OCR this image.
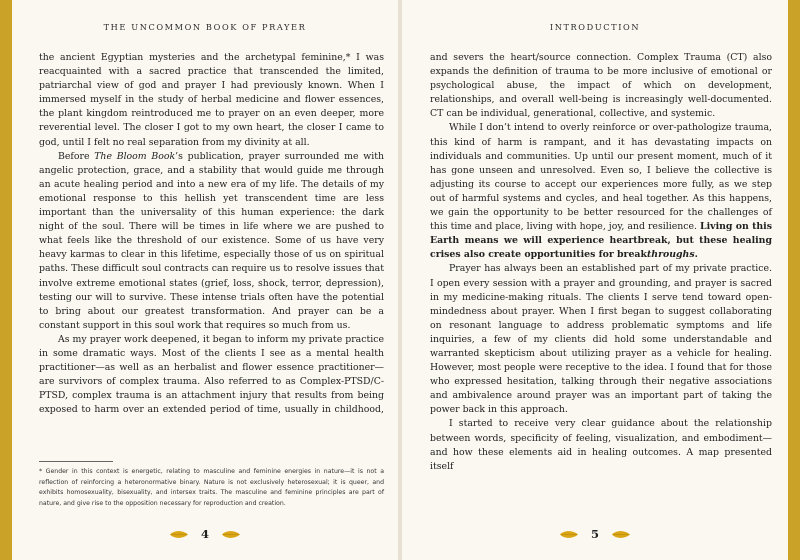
THE UNCOMMON BOOK OF PRAYER

the ancient Egyptian mysteries and the archetypal feminine,* I was reacquainted with a sacred practice that transcended the limited, patriarchal view of god and prayer I had previously known. When I immersed myself in the study of herbal medicine and flower essences, the plant kingdom reintroduced me to prayer on an even deeper, more reverential level. The closer I got to my own heart, the closer I came to god, until I felt no real separation from my divinity at all.

Before The Bloom Book’s publication, prayer surrounded me with angelic protection, grace, and a stability that would guide me through an acute healing period and into a new era of my life. The details of my emotional response to this hellish yet transcendent time are less important than the universality of this human experience: the dark night of the soul. There will be times in life where we are pushed to what feels like the threshold of our existence. Some of us have very heavy karmas to clear in this lifetime, especially those of us on spiritual paths. These difficult soul contracts can require us to resolve issues that involve extreme emotional states (grief, loss, shock, terror, depression), testing our will to survive. These intense trials often have the potential to bring about our greatest transformation. And prayer can be a constant support in this soul work that requires so much from us.

As my prayer work deepened, it began to inform my private practice in some dramatic ways. Most of the clients I see as a mental health practitioner—as well as an herbalist and flower essence practitioner—are survivors of complex trauma. Also referred to as Complex-PTSD/C-PTSD, complex trauma is an attachment injury that results from being exposed to harm over an extended period of time, usually in childhood,

* Gender in this context is energetic, relating to masculine and feminine energies in nature—it is not a reflection of reinforcing a heteronormative binary. Nature is not exclusively heterosexual; it is queer, and exhibits homosexuality, bisexuality, and intersex traits. The masculine and feminine principles are part of nature, and give rise to the opposition necessary for reproduction and creation.

4
INTRODUCTION

and severs the heart/source connection. Complex Trauma (CT) also expands the definition of trauma to be more inclusive of emotional or psychological abuse, the impact of which on development, relationships, and overall well-being is increasingly well-documented. CT can be individual, generational, collective, and systemic.

While I don’t intend to overly reinforce or over-pathologize trauma, this kind of harm is rampant, and it has devastating impacts on individuals and communities. Up until our present moment, much of it has gone unseen and unresolved. Even so, I believe the collective is adjusting its course to accept our experiences more fully, as we step out of harmful systems and cycles, and heal together. As this happens, we gain the opportunity to be better resourced for the challenges of this time and place, living with hope, joy, and resilience. Living on this Earth means we will experience heartbreak, but these healing crises also create opportunities for breakthroughs.

Prayer has always been an established part of my private practice. I open every session with a prayer and grounding, and prayer is sacred in my medicine-making rituals. The clients I serve tend toward open-mindedness about prayer. When I first began to suggest collaborating on resonant language to address problematic symptoms and life inquiries, a few of my clients did hold some understandable and warranted skepticism about utilizing prayer as a vehicle for healing. However, most people were receptive to the idea. I found that for those who expressed hesitation, talking through their negative associations and ambivalence around prayer was an important part of taking the power back in this approach.

I started to receive very clear guidance about the relationship between words, specificity of feeling, visualization, and embodiment—and how these elements aid in healing outcomes. A map presented itself

5
